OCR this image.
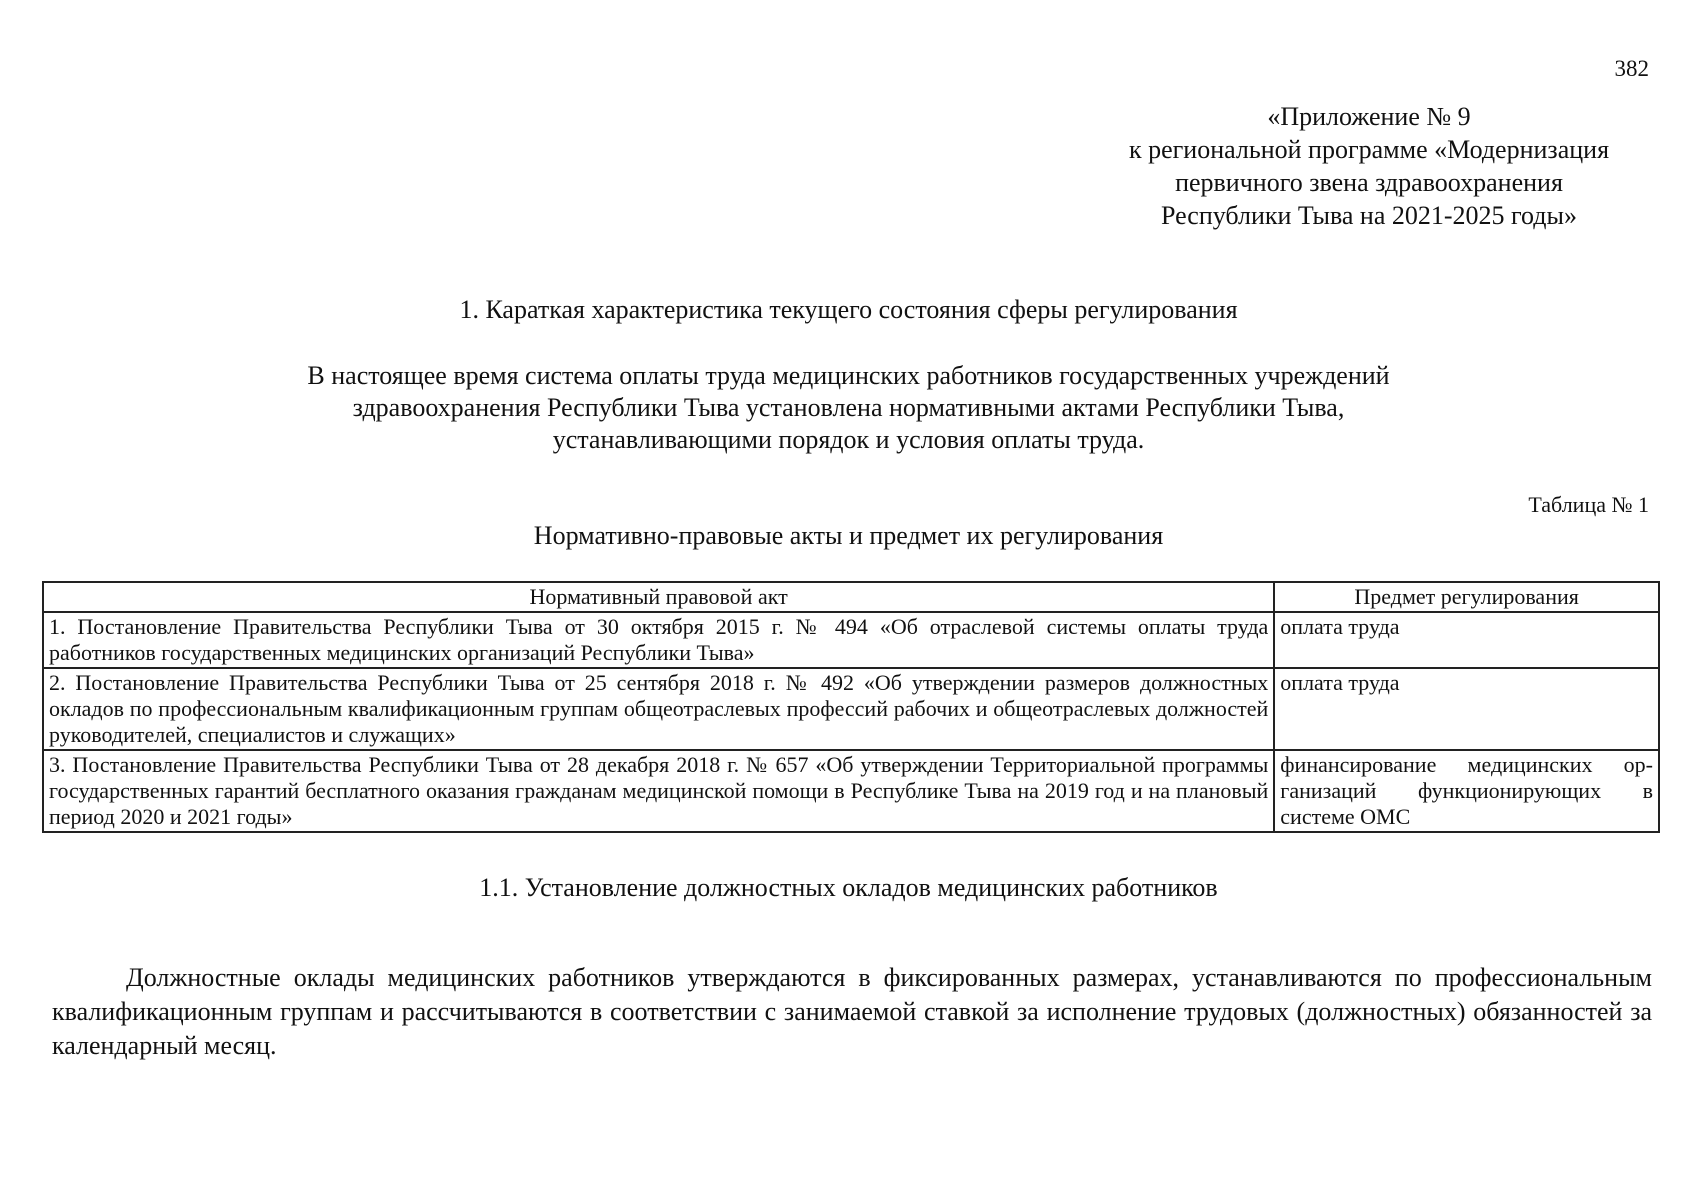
382
«Приложение № 9
к региональной программе «Модернизация
первичного звена здравоохранения
Республики Тыва на 2021-2025 годы»
1. Караткая характеристика текущего состояния сферы регулирования
В настоящее время система оплаты труда медицинских работников государственных учреждений
здравоохранения Республики Тыва установлена нормативными актами Республики Тыва,
устанавливающими порядок и условия оплаты труда.
Таблица № 1
Нормативно-правовые акты и предмет их регулирования
Нормативный правовой акт	Предмет регулирования
1. Постановление Правительства Республики Тыва от 30 октября 2015 г. № 494 «Об отраслевой системы оплаты труда работников государственных медицинских организаций Республики Тыва»	оплата труда
2. Постановление Правительства Республики Тыва от 25 сентября 2018 г. № 492 «Об утверждении размеров должностных окладов по профессиональным квалификационным группам общеотраслевых профессий рабочих и общеотраслевых должностей руководителей, специалистов и служащих»	оплата труда
3. Постановление Правительства Республики Тыва от 28 декабря 2018 г. № 657 «Об утверждении Территориальной программы государственных гарантий бесплатного оказания гражданам медицинской помощи в Республике Тыва на 2019 год и на плановый период 2020 и 2021 годы»	финансирование медицинских организаций функционирующих в системе ОМС
1.1. Установление должностных окладов медицинских работников

Должностные оклады медицинских работников утверждаются в фиксированных размерах, устанавливаются по профессиональным квалификационным группам и рассчитываются в соответствии с занимаемой ставкой за исполнение трудовых (должностных) обязанностей за календарный месяц.
